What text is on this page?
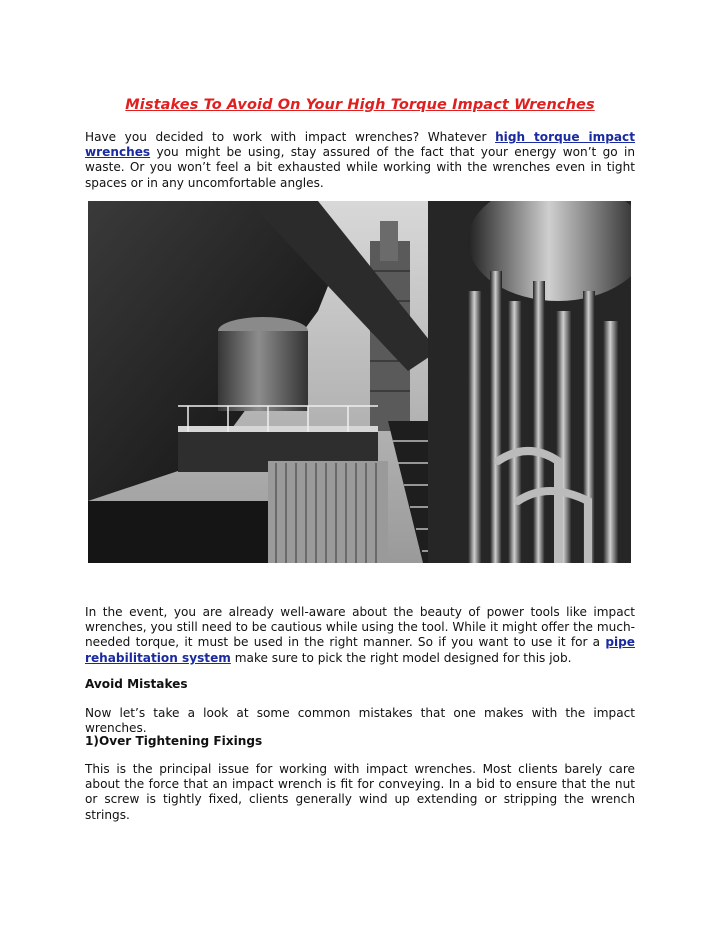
Mistakes To Avoid On Your High Torque Impact Wrenches

Have you decided to work with impact wrenches? Whatever high torque impact wrenches you might be using, stay assured of the fact that your energy won’t go in waste. Or you won’t feel a bit exhausted while working with the wrenches even in tight spaces or in any uncomfortable angles.

In the event, you are already well-aware about the beauty of power tools like impact wrenches, you still need to be cautious while using the tool. While it might offer the much-needed torque, it must be used in the right manner. So if you want to use it for a pipe rehabilitation system make sure to pick the right model designed for this job.

Avoid Mistakes

Now let’s take a look at some common mistakes that one makes with the impact wrenches.

1)Over Tightening Fixings

This is the principal issue for working with impact wrenches. Most clients barely care about the force that an impact wrench is fit for conveying. In a bid to ensure that the nut or screw is tightly fixed, clients generally wind up extending or stripping the wrench strings.
